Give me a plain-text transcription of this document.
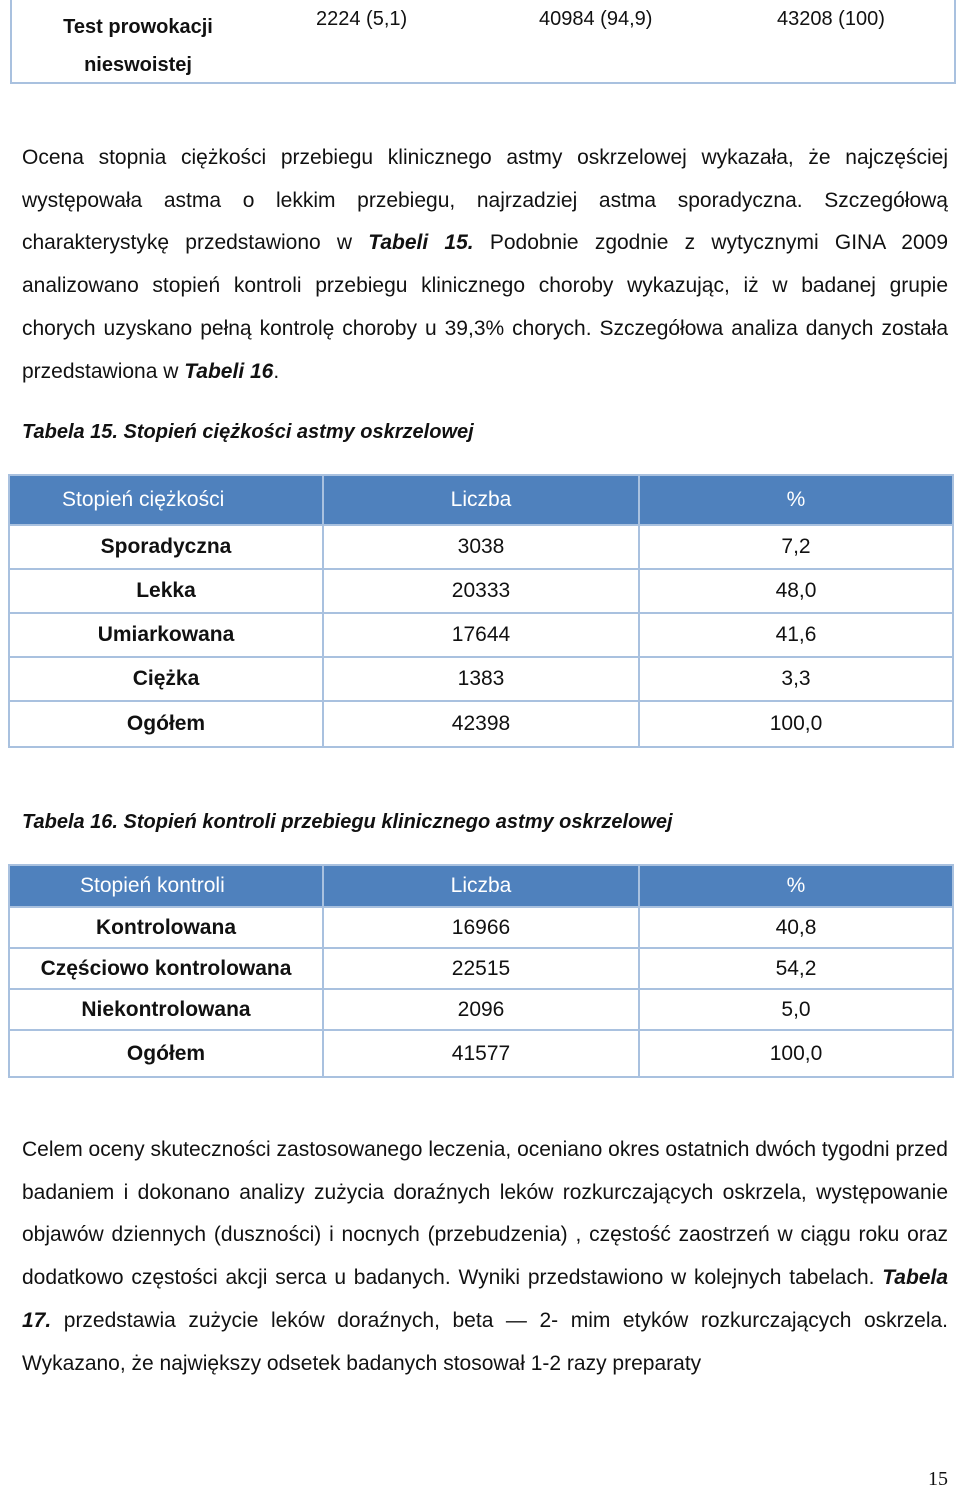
Test prowokacji nieswoistej
2224 (5,1)	40984 (94,9)	43208 (100)

Ocena stopnia ciężkości przebiegu klinicznego astmy oskrzelowej wykazała, że najczęściej występowała astma o lekkim przebiegu, najrzadziej astma sporadyczna. Szczegółową charakterystykę przedstawiono w Tabeli 15. Podobnie zgodnie z wytycznymi GINA 2009 analizowano stopień kontroli przebiegu klinicznego choroby wykazując, iż w badanej grupie chorych uzyskano pełną kontrolę choroby u 39,3% chorych. Szczegółowa analiza danych została przedstawiona w Tabeli 16.

Tabela 15. Stopień ciężkości astmy oskrzelowej

Stopień ciężkości	Liczba	%
Sporadyczna	3038	7,2
Lekka	20333	48,0
Umiarkowana	17644	41,6
Ciężka	1383	3,3
Ogółem	42398	100,0

Tabela 16. Stopień kontroli przebiegu klinicznego astmy oskrzelowej

Stopień kontroli	Liczba	%
Kontrolowana	16966	40,8
Częściowo kontrolowana	22515	54,2
Niekontrolowana	2096	5,0
Ogółem	41577	100,0

Celem oceny skuteczności zastosowanego leczenia, oceniano okres ostatnich dwóch tygodni przed badaniem i dokonano analizy zużycia doraźnych leków rozkurczających oskrzela, występowanie objawów dziennych (duszności) i nocnych (przebudzenia) , częstość zaostrzeń w ciągu roku oraz dodatkowo częstości akcji serca u badanych. Wyniki przedstawiono w kolejnych tabelach. Tabela 17. przedstawia zużycie leków doraźnych, beta — 2- mim etyków rozkurczających oskrzela. Wykazano, że największy odsetek badanych stosował 1-2 razy preparaty

15
